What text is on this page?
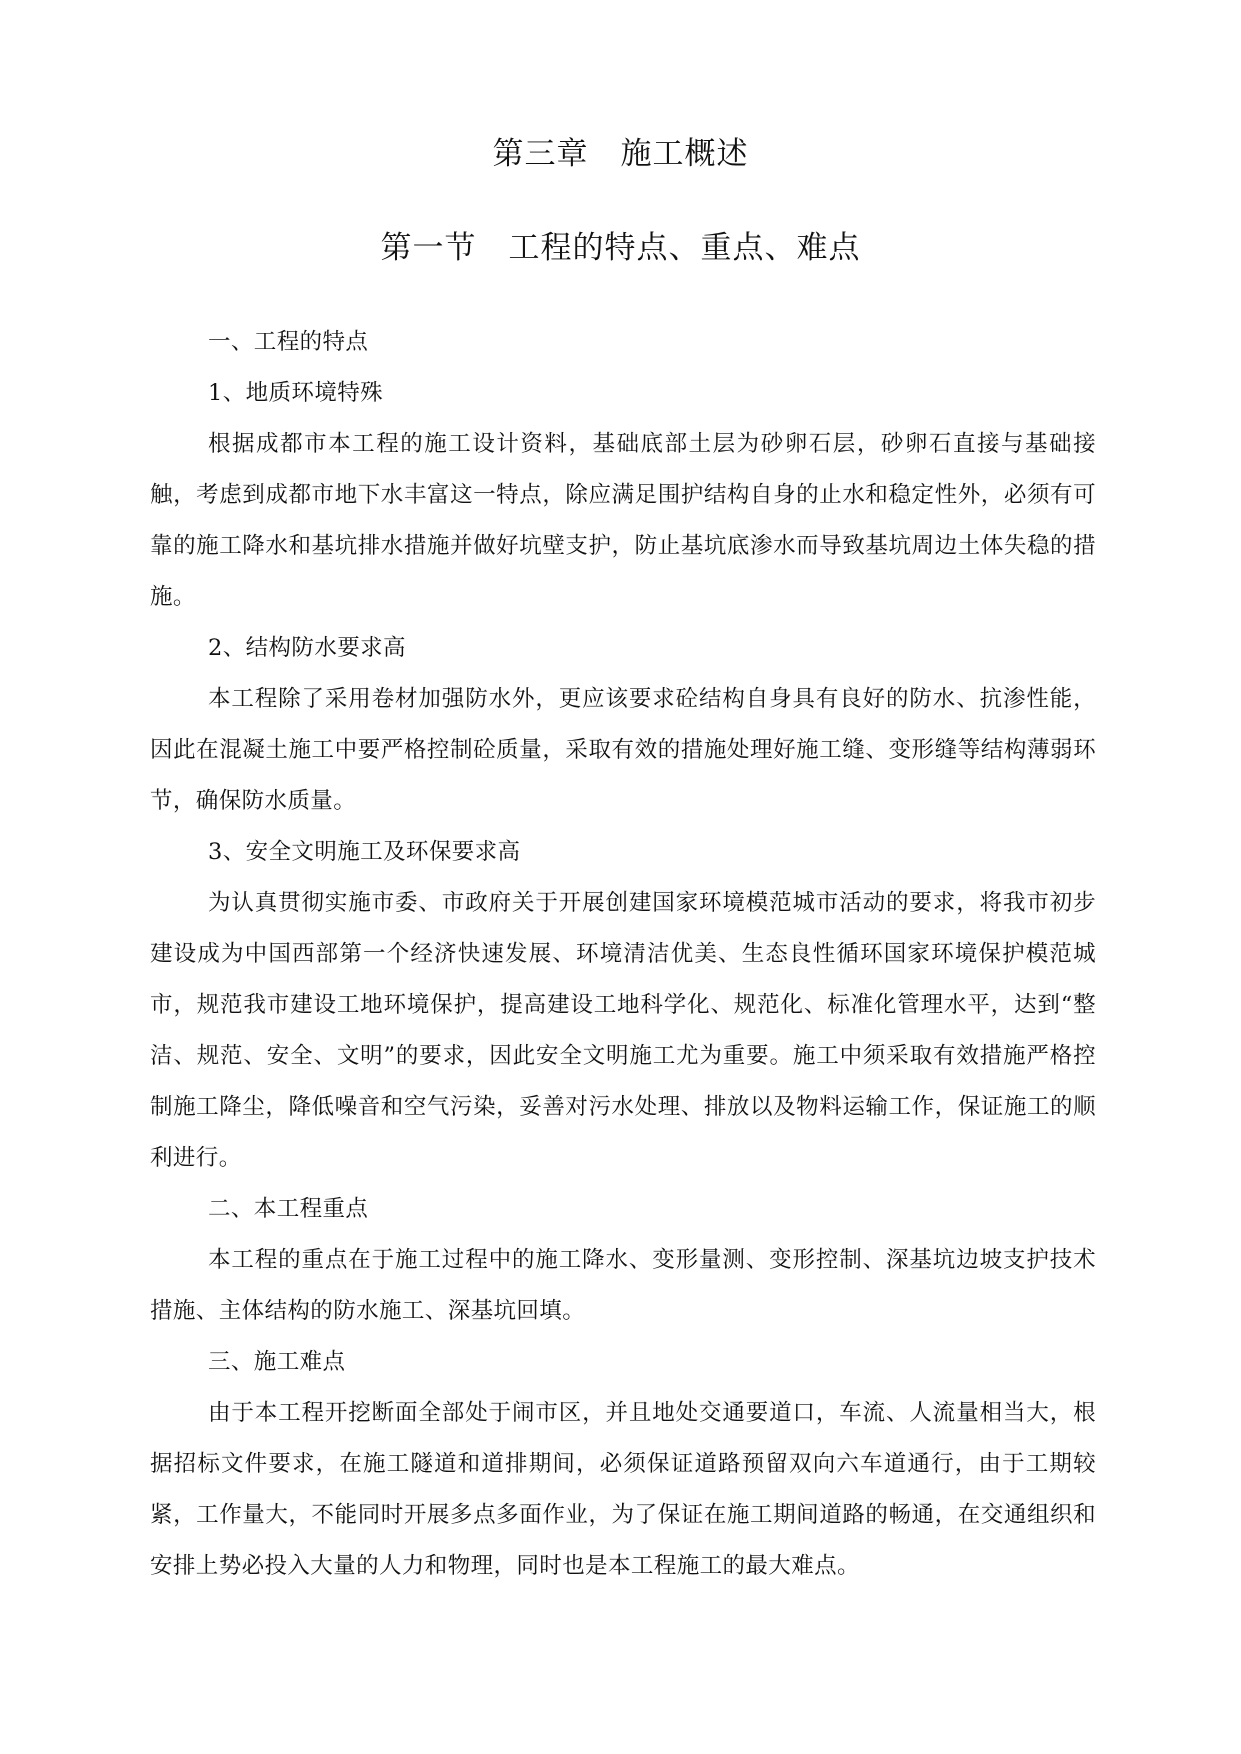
第三章　施工概述
第一节　工程的特点、重点、难点

一、工程的特点

1、地质环境特殊

根据成都市本工程的施工设计资料，基础底部土层为砂卵石层，砂卵石直接与基础接触，考虑到成都市地下水丰富这一特点，除应满足围护结构自身的止水和稳定性外，必须有可靠的施工降水和基坑排水措施并做好坑壁支护，防止基坑底渗水而导致基坑周边土体失稳的措施。

2、结构防水要求高

本工程除了采用卷材加强防水外，更应该要求砼结构自身具有良好的防水、抗渗性能，因此在混凝土施工中要严格控制砼质量，采取有效的措施处理好施工缝、变形缝等结构薄弱环节，确保防水质量。

3、安全文明施工及环保要求高

为认真贯彻实施市委、市政府关于开展创建国家环境模范城市活动的要求，将我市初步建设成为中国西部第一个经济快速发展、环境清洁优美、生态良性循环国家环境保护模范城市，规范我市建设工地环境保护，提高建设工地科学化、规范化、标准化管理水平，达到“整洁、规范、安全、文明”的要求，因此安全文明施工尤为重要。施工中须采取有效措施严格控制施工降尘，降低噪音和空气污染，妥善对污水处理、排放以及物料运输工作，保证施工的顺利进行。

二、本工程重点

本工程的重点在于施工过程中的施工降水、变形量测、变形控制、深基坑边坡支护技术措施、主体结构的防水施工、深基坑回填。

三、施工难点

由于本工程开挖断面全部处于闹市区，并且地处交通要道口，车流、人流量相当大，根据招标文件要求，在施工隧道和道排期间，必须保证道路预留双向六车道通行，由于工期较紧，工作量大，不能同时开展多点多面作业，为了保证在施工期间道路的畅通，在交通组织和安排上势必投入大量的人力和物理，同时也是本工程施工的最大难点。
